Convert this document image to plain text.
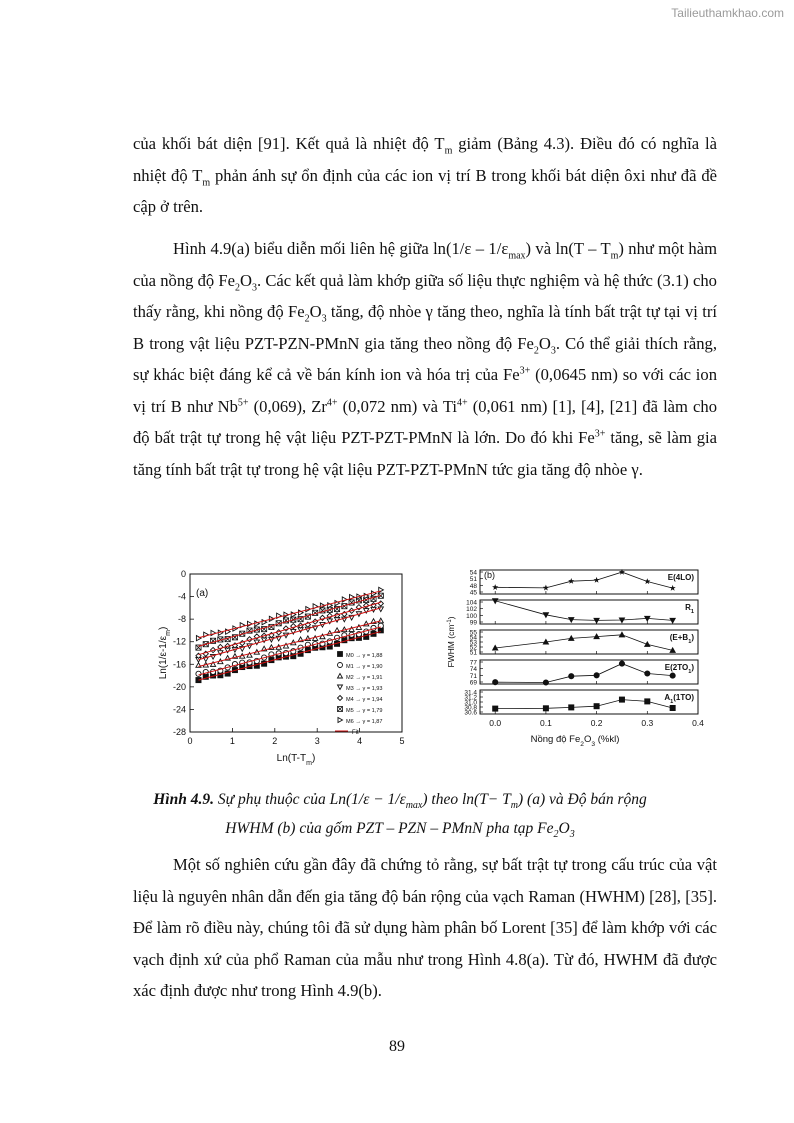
Tailieuthamkhao.com

của khối bát diện [91]. Kết quả là nhiệt độ $T_m$ giảm (Bảng 4.3). Điều đó có nghĩa là nhiệt độ $T_m$ phản ánh sự ổn định của các ion vị trí B trong khối bát diện ôxi như đã đề cập ở trên.

Hình 4.9(a) biểu diễn mối liên hệ giữa $\ln(1/\varepsilon - 1/\varepsilon_{max})$ và $\ln(T - T_m)$ như một hàm của nồng độ $Fe_2O_3$. Các kết quả làm khớp giữa số liệu thực nghiệm và hệ thức (3.1) cho thấy rằng, khi nồng độ $Fe_2O_3$ tăng, độ nhòe γ tăng theo, nghĩa là tính bất trật tự tại vị trí B trong vật liệu PZT-PZN-PMnN gia tăng theo nồng độ $Fe_2O_3$. Có thể giải thích rằng, sự khác biệt đáng kể cả về bán kính ion và hóa trị của $Fe^{3+}$ (0,0645 nm) so với các ion vị trí B như $Nb^{5+}$ (0,069), $Zr^{4+}$ (0,072 nm) và $Ti^{4+}$ (0,061 nm) [1], [4], [21] đã làm cho độ bất trật tự trong hệ vật liệu PZT-PZT-PMnN là lớn. Do đó khi $Fe^{3+}$ tăng, sẽ làm gia tăng tính bất trật tự trong hệ vật liệu PZT-PZT-PMnN tức gia tăng độ nhòe γ.

0	1	2	3	4	5
0
-4
-8
-12
-16
-20
-24
-28
$Ln(T-T_m)$
$Ln(1/\varepsilon-1/\varepsilon_m)$
(a)
M0 → γ = 1,88
M1 → γ = 1,90
M2 → γ = 1,91
M3 → γ = 1,93
M4 → γ = 1,94
M5 → γ = 1,79
M6 → γ = 1,87
Fit
54
51
48
45
E(4LO)
(b)
104
102
100
99
$R_1$
55
54
53
52
51
$(E+B_1)$
77
74
71
69
$E(2TO_1)$
31.4
31.2
31.0
30.8
30.6
$A_1(1TO)$
0.0	0.1	0.2	0.3	0.4
Nồng độ $Fe_2O_3$ (%kl)
FWHM $(cm^{-1})$
Hình 4.9. Sự phụ thuộc của $Ln(1/\varepsilon - 1/\varepsilon_{max})$ theo $\ln(T- T_m)$ (a) và Độ bán rộng
HWHM (b) của gốm PZT – PZN – PMnN pha tạp $Fe_2O_3$

Một số nghiên cứu gần đây đã chứng tỏ rằng, sự bất trật tự trong cấu trúc của vật liệu là nguyên nhân dẫn đến gia tăng độ bán rộng của vạch Raman (HWHM) [28], [35]. Để làm rõ điều này, chúng tôi đã sử dụng hàm phân bố Lorent [35] để làm khớp với các vạch định xứ của phổ Raman của mẫu như trong Hình 4.8(a). Từ đó, HWHM đã được xác định được như trong Hình 4.9(b).

89
